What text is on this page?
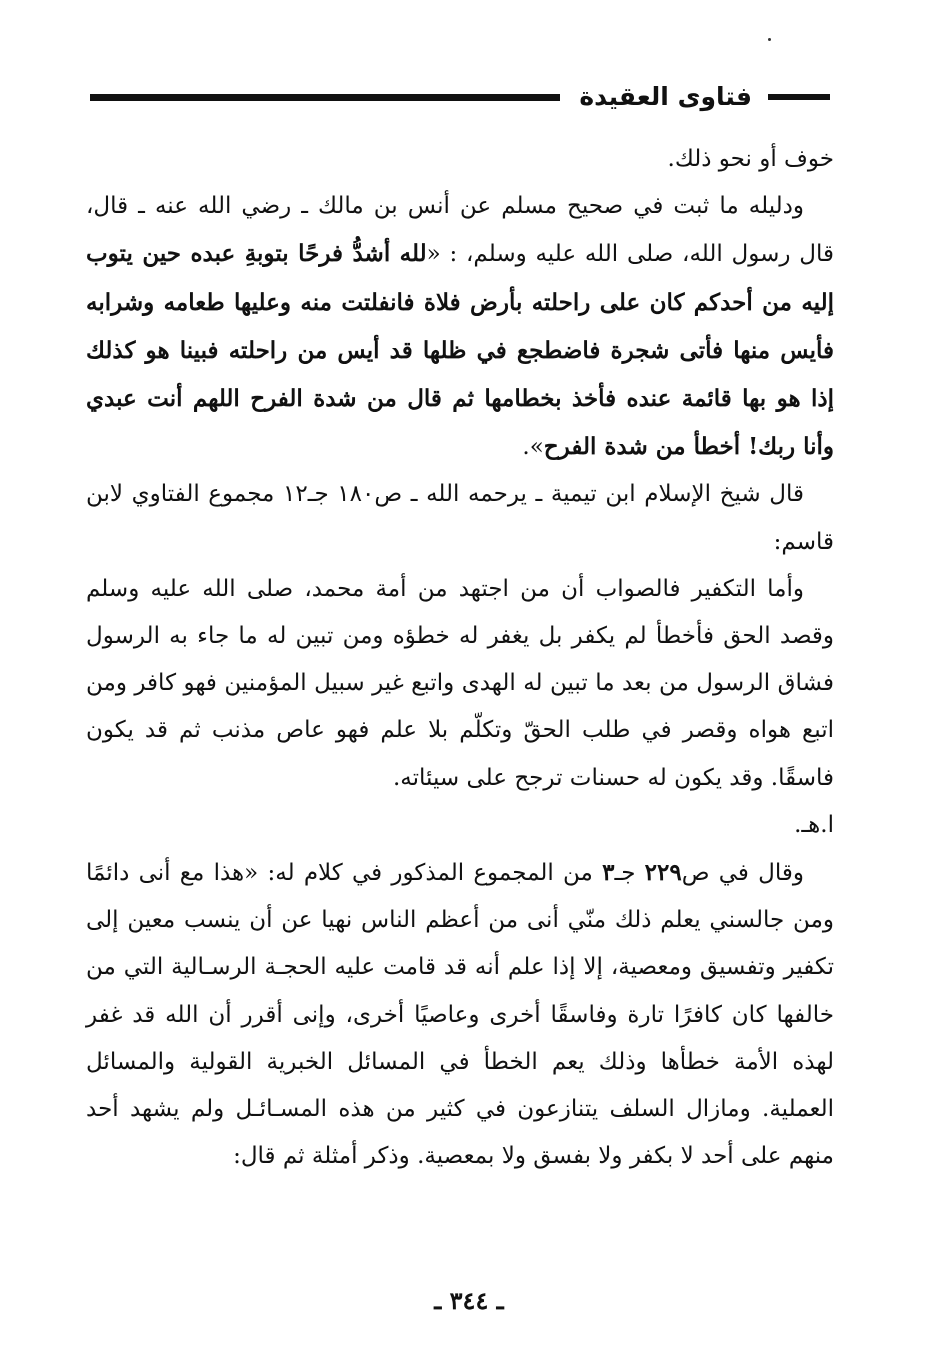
فتاوى العقيدة

خوف أو نحو ذلك.

ودليله ما ثبت في صحيح مسلم عن أنس بن مالك ـ رضي الله عنه ـ قال، قال رسول الله، صلى الله عليه وسلم، : «لله أشدُّ فرحًا بتوبةِ عبده حين يتوب إليه من أحدكم كان على راحلته بأرض فلاة فانفلتت منه وعليها طعامه وشرابه فأيس منها فأتى شجرة فاضطجع في ظلها قد أيس من راحلته فبينا هو كذلك إذا هو بها قائمة عنده فأخذ بخطامها ثم قال من شدة الفرح اللهم أنت عبدي وأنا ربك! أخطأ من شدة الفرح».

قال شيخ الإسلام ابن تيمية ـ يرحمه الله ـ ص١٨٠ جـ١٢ مجموع الفتاوي لابن قاسم:

وأما التكفير فالصواب أن من اجتهد من أمة محمد، صلى الله عليه وسلم وقصد الحق فأخطأ لم يكفر بل يغفر له خطؤه ومن تبين له ما جاء به الرسول فشاق الرسول من بعد ما تبين له الهدى واتبع غير سبيل المؤمنين فهو كافر ومن اتبع هواه وقصر في طلب الحقّ وتكلّم بلا علم فهو عاص مذنب ثم قد يكون فاسقًا. وقد يكون له حسنات ترجح على سيئاته.

ا.هـ.

وقال في ص٢٢٩ جـ٣ من المجموع المذكور في كلام له: «هذا مع أنى دائمًا ومن جالسني يعلم ذلك منّي أنى من أعظم الناس نهيا عن أن ينسب معين إلى تكفير وتفسيق ومعصية، إلا إذا علم أنه قد قامت عليه الحجـة الرسـالية التي من خالفها كان كافرًا تارة وفاسقًا أخرى وعاصيًا أخرى، وإنى أقرر أن الله قد غفر لهذه الأمة خطأها وذلك يعم الخطأ في المسائل الخبرية القولية والمسائل العملية. ومازال السلف يتنازعون في كثير من هذه المسـائـل ولم يشهد أحد منهم على أحد لا بكفر ولا بفسق ولا بمعصية. وذكر أمثلة ثم قال:

ـ ٣٤٤ ـ
